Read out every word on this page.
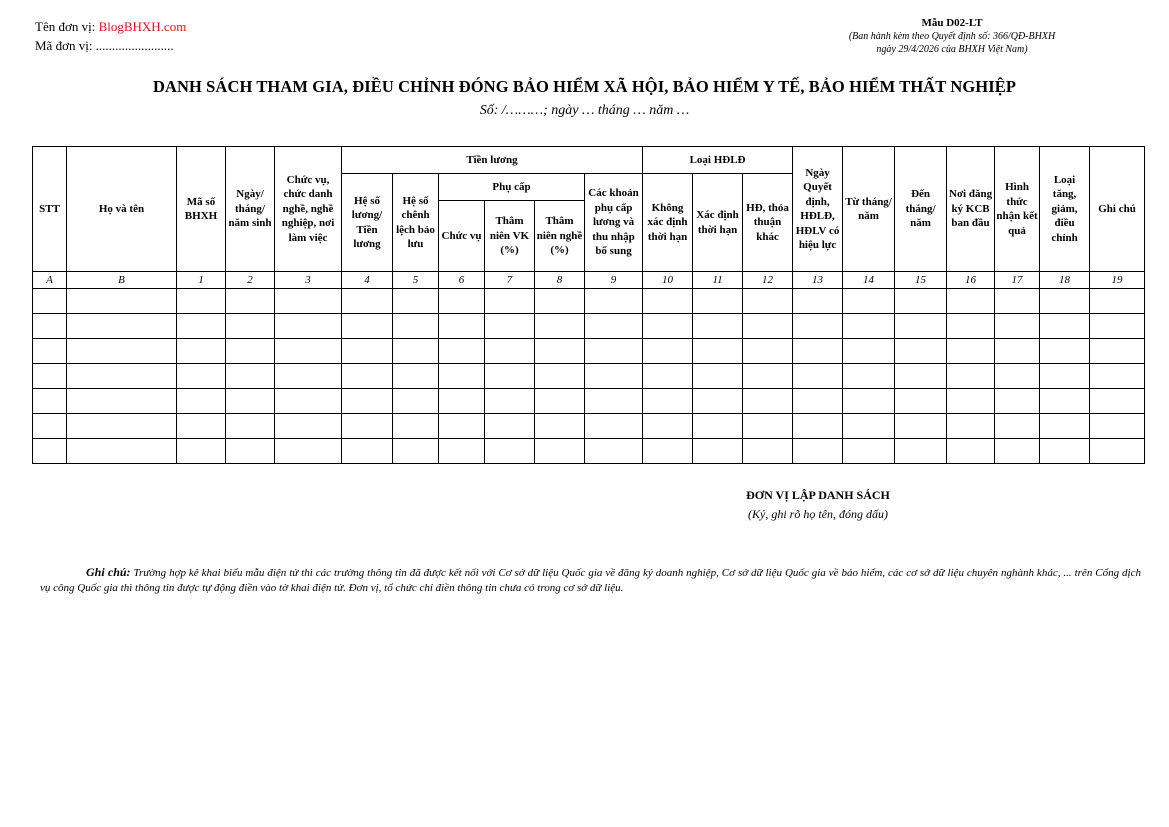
Tên đơn vị: BlogBHXH.com
Mã đơn vị: ........................
Mẫu D02-LT
(Ban hành kèm theo Quyết định số: 366/QĐ-BHXH
ngày 29/4/2026 của BHXH Việt Nam)
DANH SÁCH THAM GIA, ĐIỀU CHỈNH ĐÓNG BẢO HIỂM XÃ HỘI, BẢO HIỂM Y TẾ, BẢO HIỂM THẤT NGHIỆP
Số: /………; ngày … tháng … năm …
STT	Họ và tên	Mã số BHXH	Ngày/ tháng/ năm sinh	Chức vụ, chức danh nghề, nghề nghiệp, nơi làm việc	Tiền lương						Loại HĐLĐ			Ngày Quyết định, HĐLĐ, HĐLV có hiệu lực	Từ tháng/ năm	Đến tháng/ năm	Nơi đăng ký KCB ban đầu	Hình thức nhận kết quả	Loại tăng, giảm, điều chỉnh	Ghi chú
					Hệ số lương/ Tiền lương	Hệ số chênh lệch bảo lưu	Phụ cấp			Các khoản phụ cấp lương và thu nhập bổ sung	Không xác định thời hạn	Xác định thời hạn	HĐ, thỏa thuận khác							
							Chức vụ	Thâm niên VK (%)	Thâm niên nghề (%)											
A	B	1	2	3	4	5	6	7	8	9	10	11	12	13	14	15	16	17	18	19

ĐƠN VỊ LẬP DANH SÁCH
(Ký, ghi rõ họ tên, đóng dấu)
Ghi chú: Trường hợp kê khai biểu mẫu điện tử thì các trường thông tin đã được kết nối với Cơ sở dữ liệu Quốc gia về đăng ký doanh nghiệp, Cơ sở dữ liệu Quốc gia về bảo hiểm, các cơ sở dữ liệu chuyên nghành khác, ... trên Cổng dịch vụ công Quốc gia thì thông tin được tự động điền vào tờ khai điện tử. Đơn vị, tổ chức chỉ điền thông tin chưa có trong cơ sở dữ liệu.
